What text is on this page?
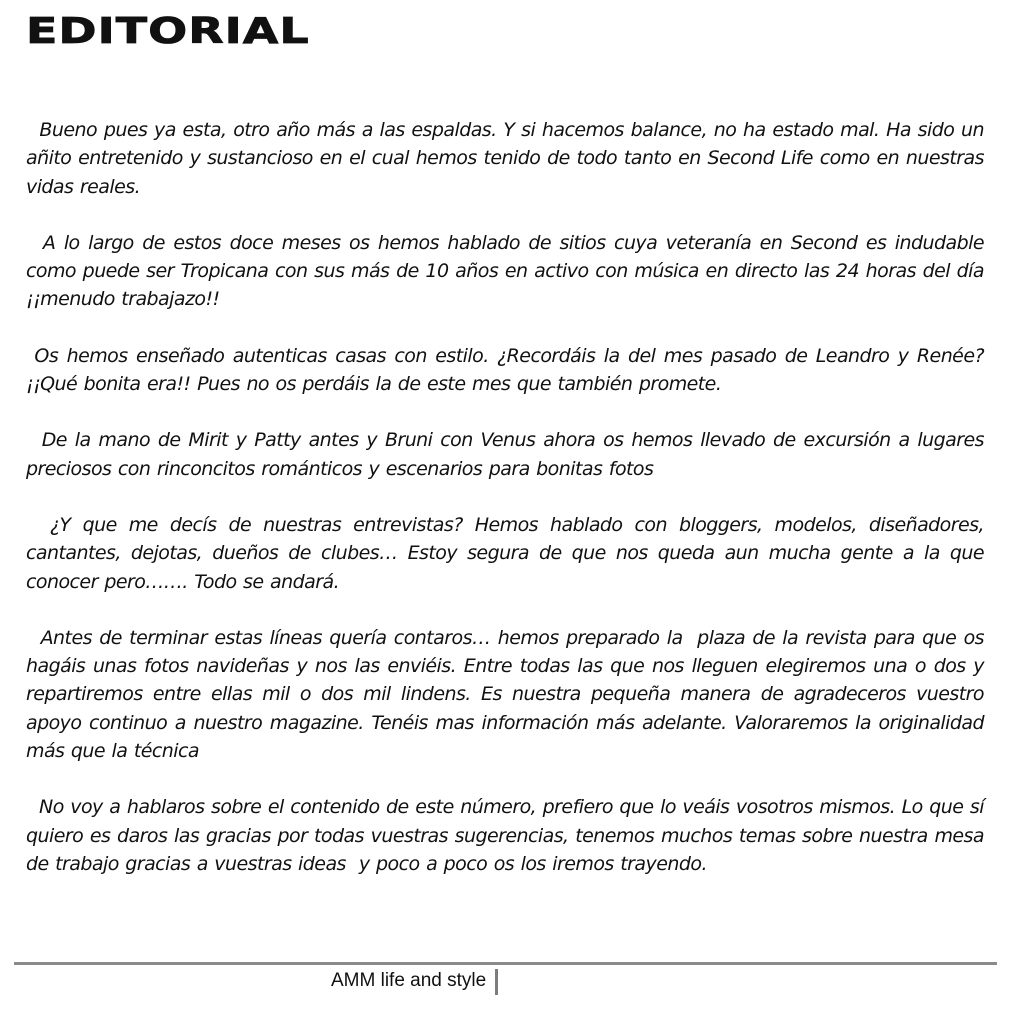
EDITORIAL

Bueno pues ya esta, otro año más a las espaldas. Y si hacemos balance, no ha estado mal. Ha sido un añito entretenido y sustancioso en el cual hemos tenido de todo tanto en Second Life como en nuestras vidas reales.

A lo largo de estos doce meses os hemos hablado de sitios cuya veteranía en Second es indudable como puede ser Tropicana con sus más de 10 años en activo con música en directo las 24 horas del día  ¡¡menudo trabajazo!!

Os hemos enseñado autenticas casas con estilo. ¿Recordáis la del mes pasado de Leandro y Renée?  ¡¡Qué bonita era!! Pues no os perdáis la de este mes que también promete.

De la mano de Mirit y Patty antes y Bruni con Venus ahora os hemos llevado de excursión a lugares preciosos con rinconcitos románticos y escenarios para bonitas fotos

¿Y que me decís de nuestras entrevistas? Hemos hablado con bloggers, modelos, diseñadores, cantantes, dejotas, dueños de clubes… Estoy segura de que nos queda aun mucha gente a la que conocer pero……. Todo se andará.

Antes de terminar estas líneas quería contaros… hemos preparado la  plaza de la revista para que os hagáis unas fotos navideñas y nos las enviéis. Entre todas las que nos lleguen elegiremos una o dos y repartiremos entre ellas mil o dos mil lindens. Es nuestra pequeña manera de agradeceros vuestro apoyo continuo a nuestro magazine. Tenéis mas información más adelante. Valoraremos la originalidad más que la técnica

No voy a hablaros sobre el contenido de este número, prefiero que lo veáis vosotros mismos. Lo que sí quiero es daros las gracias por todas vuestras sugerencias, tenemos muchos temas sobre nuestra mesa de trabajo gracias a vuestras ideas  y poco a poco os los iremos trayendo.

AMM life and style
